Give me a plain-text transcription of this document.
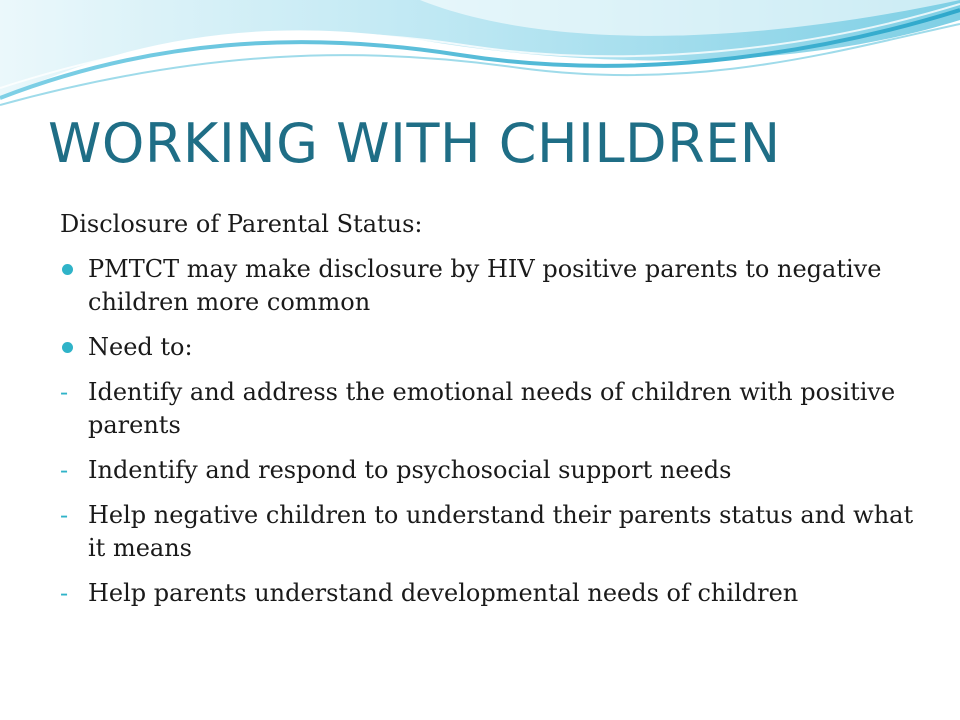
WORKING WITH CHILDREN

Disclosure of Parental Status:

PMTCT may make disclosure by HIV positive parents to negative children more common
Need to:
- Identify and address the emotional needs of children with positive parents
- Indentify and respond to psychosocial support needs
- Help negative children to understand their parents status and what it means
- Help parents understand developmental needs of children
